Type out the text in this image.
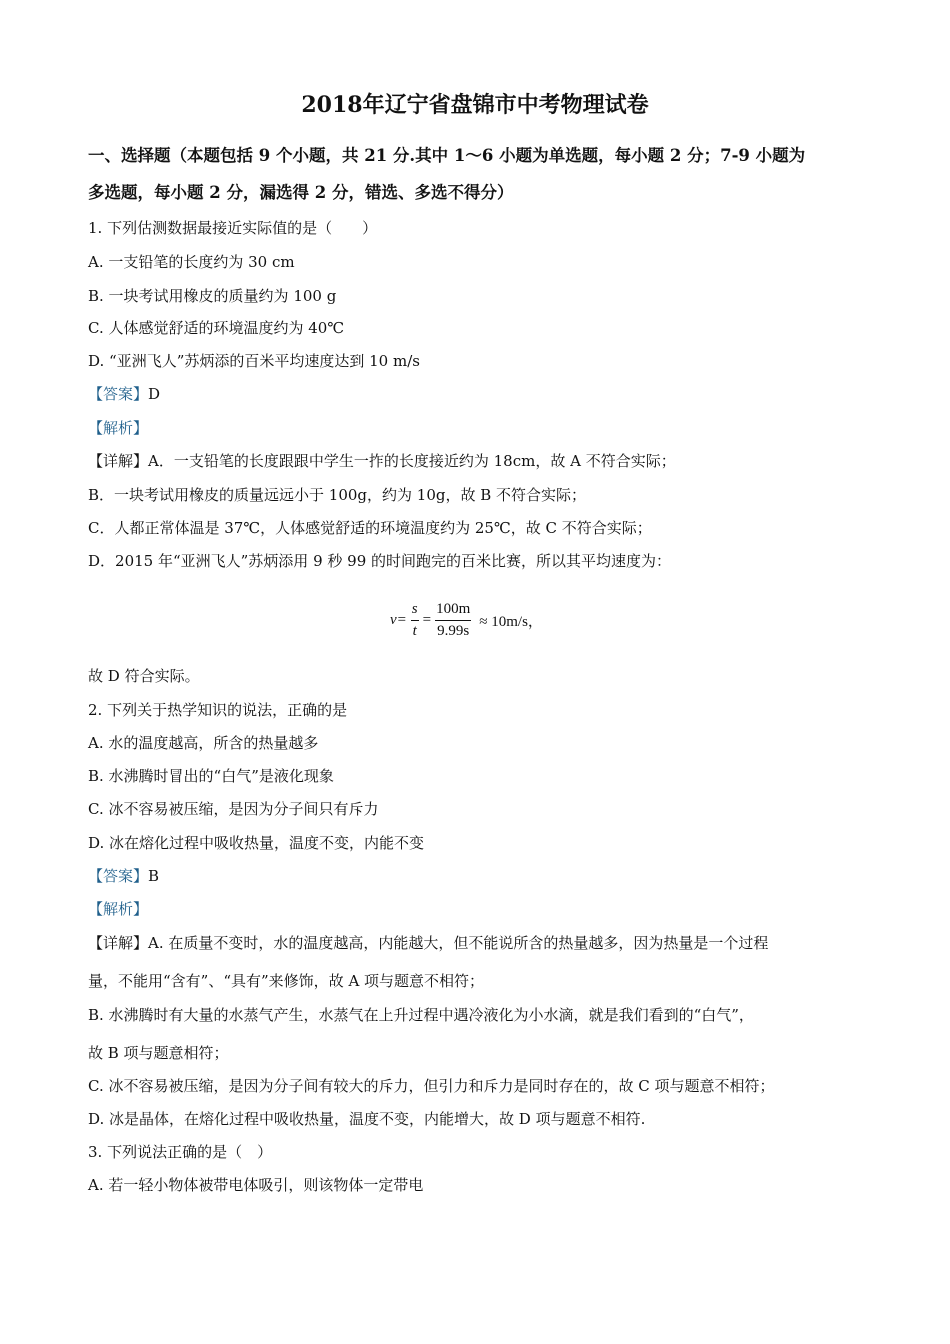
2018年辽宁省盘锦市中考物理试卷
一、选择题（本题包括 9 个小题，共 21 分.其中 1～6 小题为单选题，每小题 2 分；7-9 小题为
多选题，每小题 2 分，漏选得 2 分，错选、多选不得分）
1. 下列估测数据最接近实际值的是（　　）
A. 一支铅笔的长度约为 30 cm
B. 一块考试用橡皮的质量约为 100 g
C. 人体感觉舒适的环境温度约为 40℃
D. “亚洲飞人”苏炳添的百米平均速度达到 10 m/s
【答案】D
【解析】
【详解】A．一支铅笔的长度跟跟中学生一拃的长度接近约为 18cm，故 A 不符合实际；
B．一块考试用橡皮的质量远远小于 100g，约为 10g，故 B 不符合实际；
C．人都正常体温是 37℃，人体感觉舒适的环境温度约为 25℃，故 C 不符合实际；
D．2015 年“亚洲飞人”苏炳添用 9 秒 99 的时间跑完的百米比赛，所以其平均速度为：
$v= \frac{s}{t} = \frac{100m}{9.99s} \approx 10m/s$，
故 D 符合实际。
2. 下列关于热学知识的说法，正确的是
A. 水的温度越高，所含的热量越多
B. 水沸腾时冒出的“白气”是液化现象
C. 冰不容易被压缩，是因为分子间只有斥力
D. 冰在熔化过程中吸收热量，温度不变，内能不变
【答案】B
【解析】
【详解】A. 在质量不变时，水的温度越高，内能越大，但不能说所含的热量越多，因为热量是一个过程
量，不能用“含有”、“具有”来修饰，故 A 项与题意不相符；
B. 水沸腾时有大量的水蒸气产生，水蒸气在上升过程中遇冷液化为小水滴，就是我们看到的“白气”，
故 B 项与题意相符；
C. 冰不容易被压缩，是因为分子间有较大的斥力，但引力和斥力是同时存在的，故 C 项与题意不相符；
D. 冰是晶体，在熔化过程中吸收热量，温度不变，内能增大，故 D 项与题意不相符.
3. 下列说法正确的是（　）
A. 若一轻小物体被带电体吸引，则该物体一定带电
